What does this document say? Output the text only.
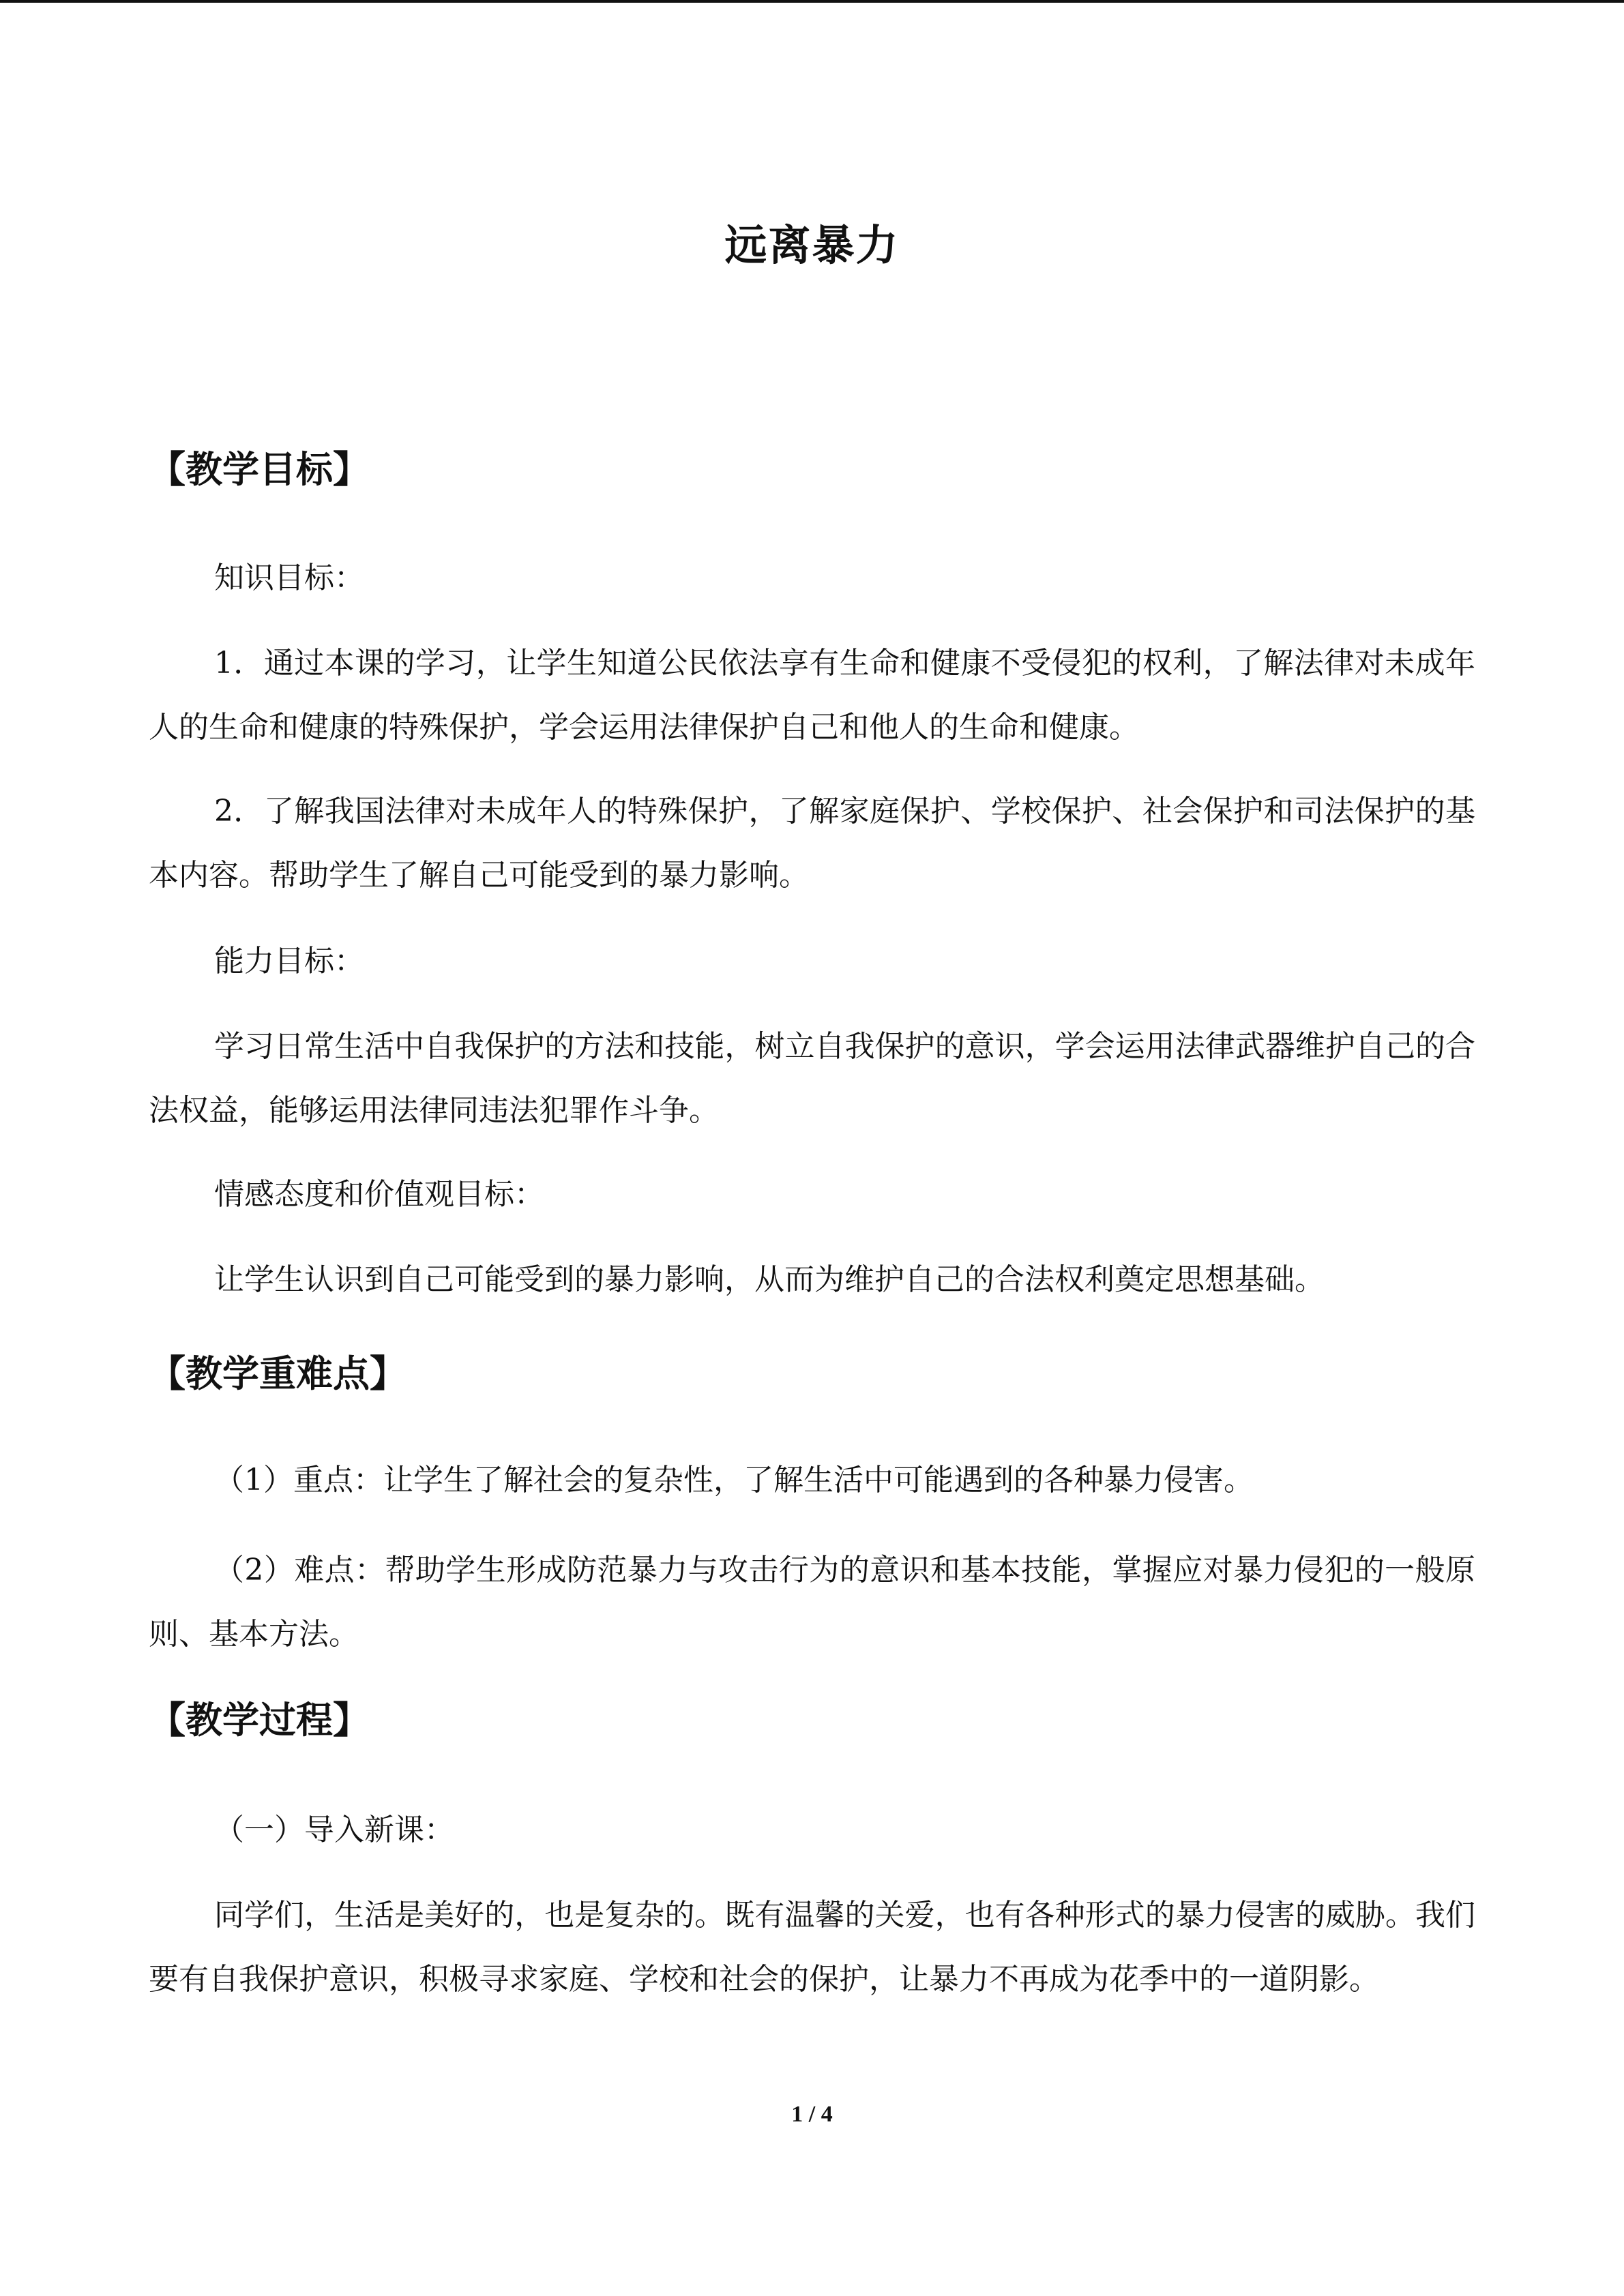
远离暴力
【教学目标】

知识目标：

1．通过本课的学习，让学生知道公民依法享有生命和健康不受侵犯的权利，了解法律对未成年人的生命和健康的特殊保护，学会运用法律保护自己和他人的生命和健康。

2．了解我国法律对未成年人的特殊保护，了解家庭保护、学校保护、社会保护和司法保护的基本内容。帮助学生了解自己可能受到的暴力影响。

能力目标：

学习日常生活中自我保护的方法和技能，树立自我保护的意识，学会运用法律武器维护自己的合法权益，能够运用法律同违法犯罪作斗争。

情感态度和价值观目标：

让学生认识到自己可能受到的暴力影响，从而为维护自己的合法权利奠定思想基础。

【教学重难点】

（1）重点：让学生了解社会的复杂性，了解生活中可能遇到的各种暴力侵害。

（2）难点：帮助学生形成防范暴力与攻击行为的意识和基本技能，掌握应对暴力侵犯的一般原则、基本方法。

【教学过程】

（一）导入新课：

同学们，生活是美好的，也是复杂的。既有温馨的关爱，也有各种形式的暴力侵害的威胁。我们要有自我保护意识，积极寻求家庭、学校和社会的保护，让暴力不再成为花季中的一道阴影。

1 / 4
